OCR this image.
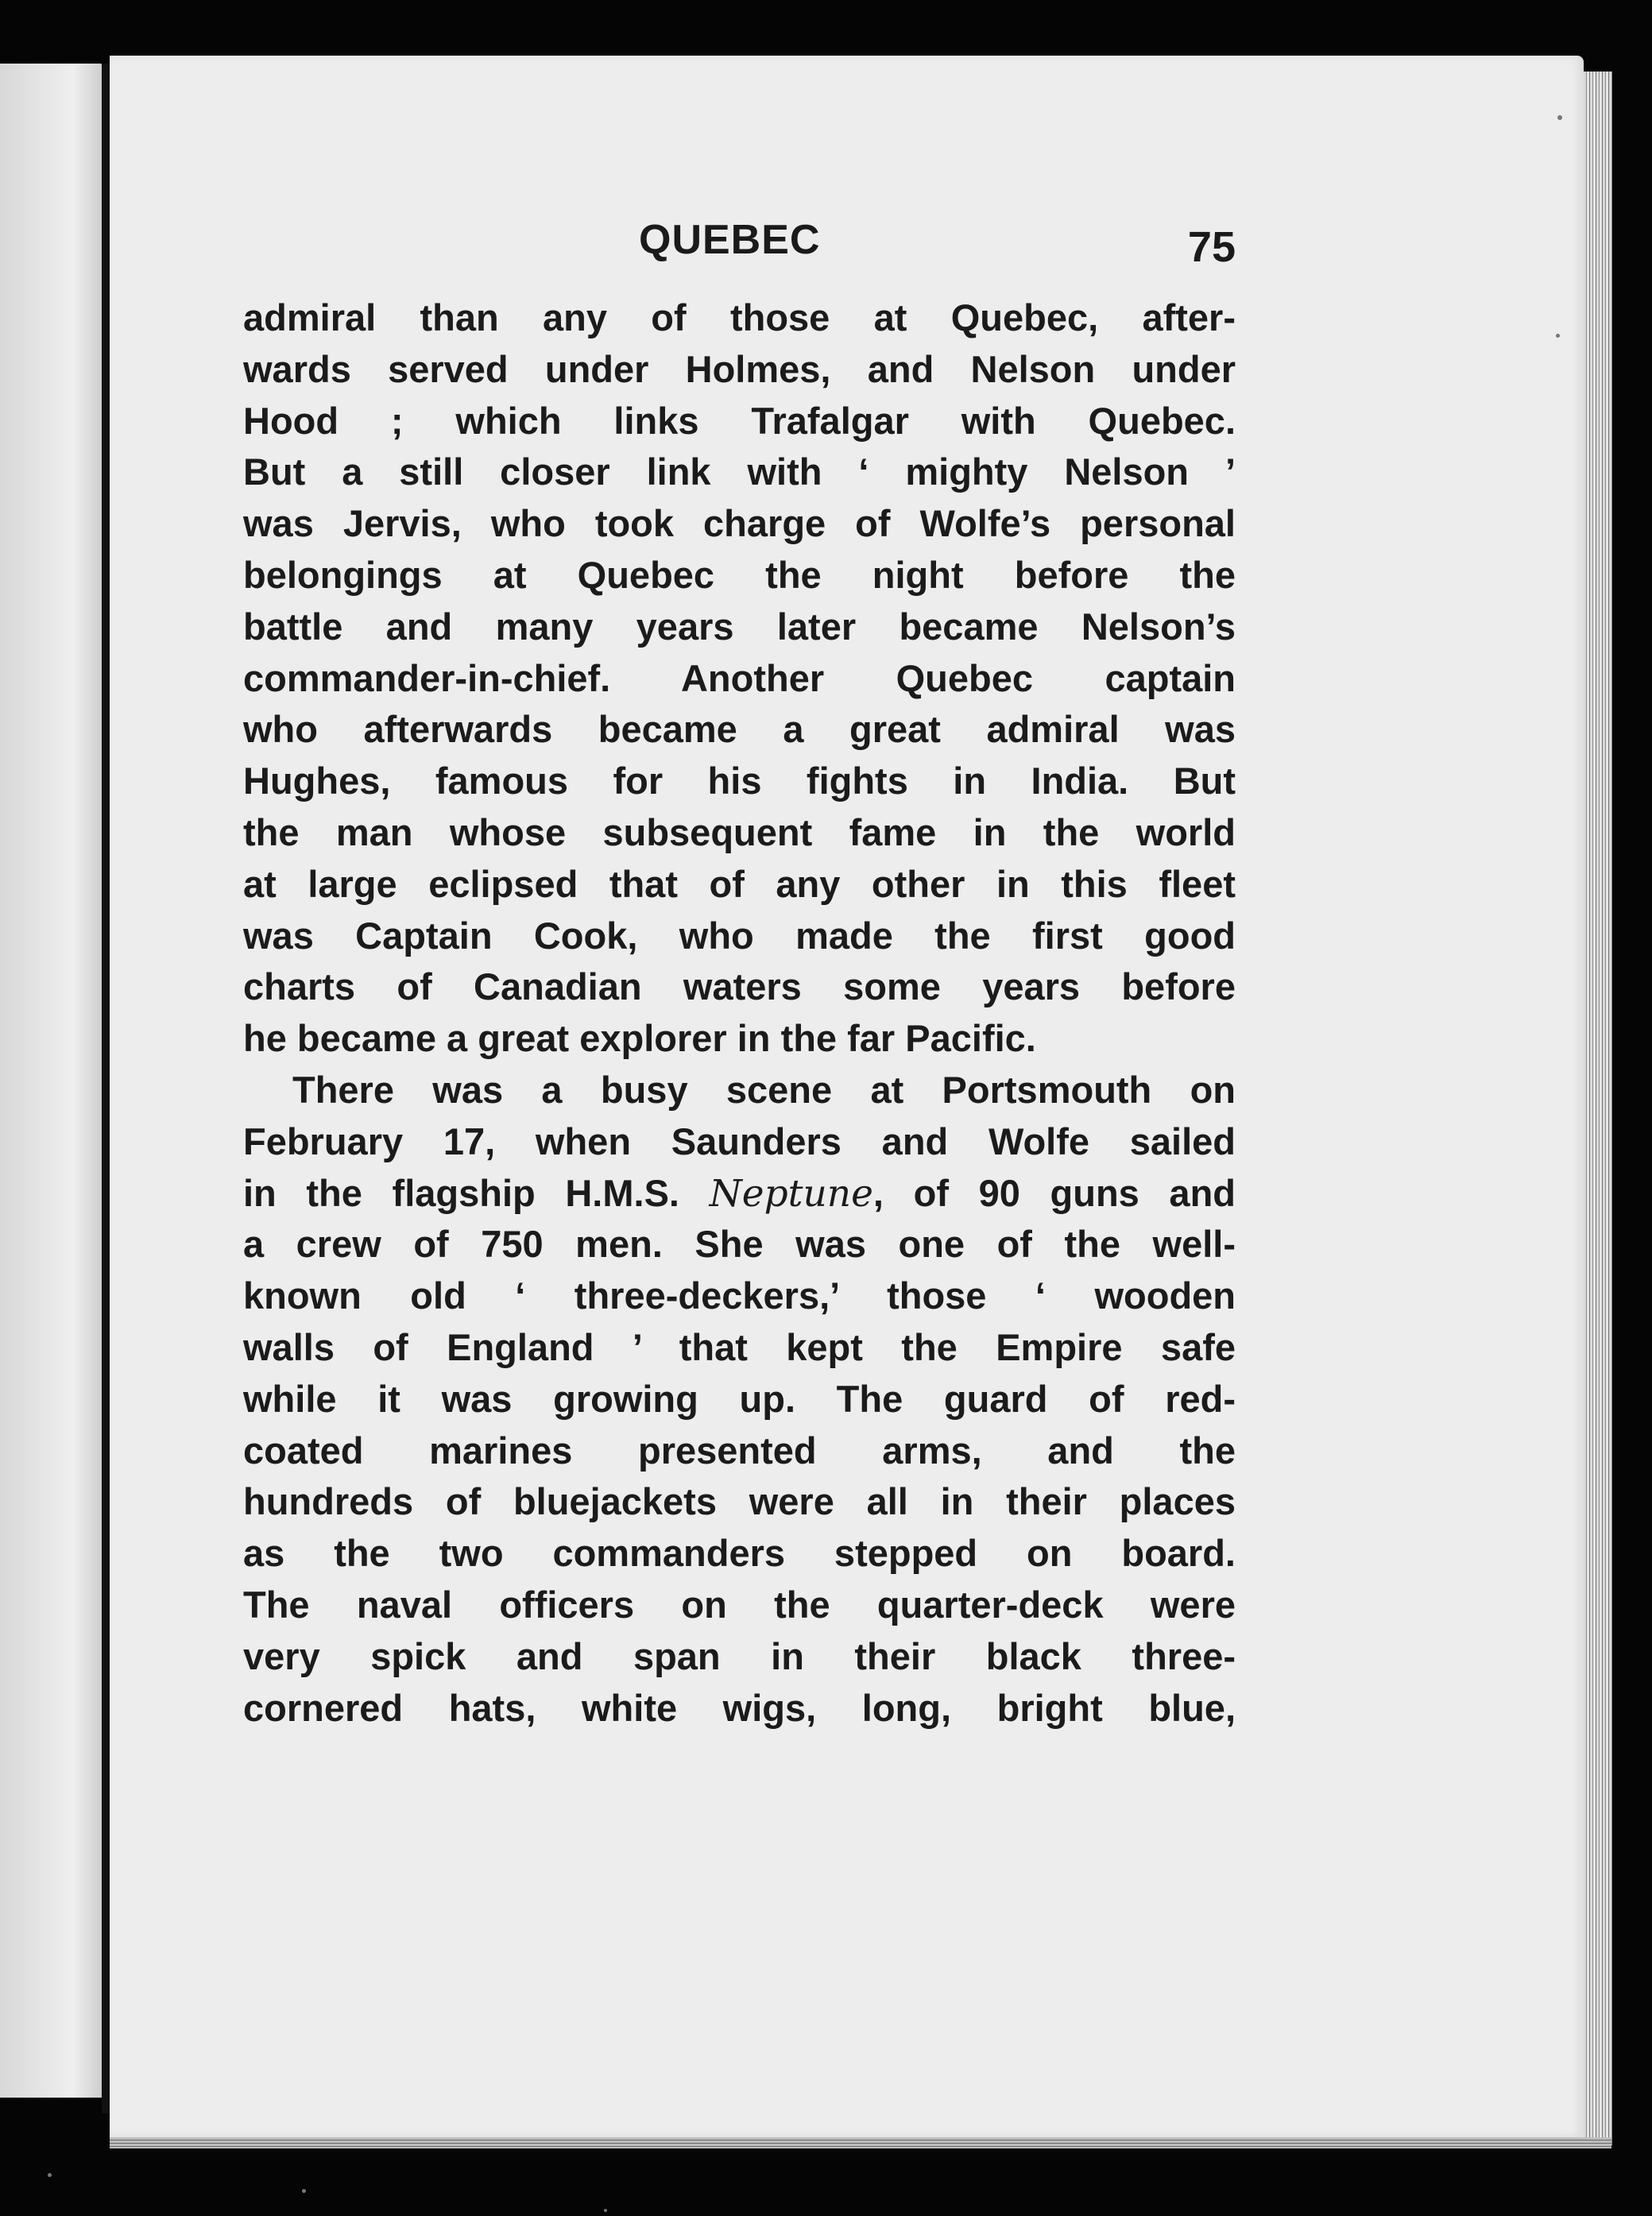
QUEBEC	75
admiral than any of those at Quebec, after-
wards served under Holmes, and Nelson under
Hood ; which links Trafalgar with Quebec.
But a still closer link with ‘ mighty Nelson ’
was Jervis, who took charge of Wolfe’s personal
belongings at Quebec the night before the
battle and many years later became Nelson’s
commander-in-chief. Another Quebec captain
who afterwards became a great admiral was
Hughes, famous for his fights in India. But
the man whose subsequent fame in the world
at large eclipsed that of any other in this fleet
was Captain Cook, who made the first good
charts of Canadian waters some years before
he became a great explorer in the far Pacific.
There was a busy scene at Portsmouth on
February 17, when Saunders and Wolfe sailed
in the flagship H.M.S. Neptune, of 90 guns and
a crew of 750 men. She was one of the well-
known old ‘ three-deckers,’ those ‘ wooden
walls of England ’ that kept the Empire safe
while it was growing up. The guard of red-
coated marines presented arms, and the
hundreds of bluejackets were all in their places
as the two commanders stepped on board.
The naval officers on the quarter-deck were
very spick and span in their black three-
cornered hats, white wigs, long, bright blue,
